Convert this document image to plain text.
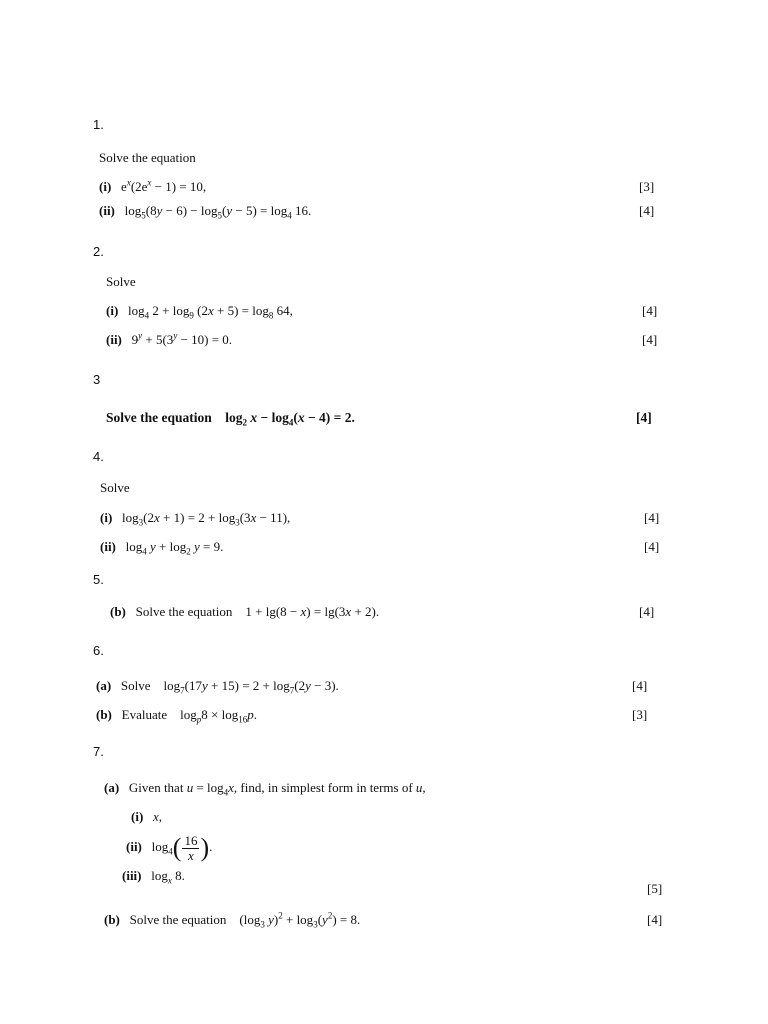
1.
Solve the equation
(i) $e^x(2e^x - 1) = 10$,	[3]
(ii) $\log_5(8y - 6) - \log_5(y - 5) = \log_4 16$.	[4]
2.
Solve
(i) $\log_4 2 + \log_9 (2x + 5) = \log_8 64$,	[4]
(ii) $9^y + 5(3^y - 10) = 0$.	[4]
3
Solve the equation $\log_2 x - \log_4(x - 4) = 2$.	[4]
4.
Solve
(i) $\log_3(2x + 1) = 2 + \log_3(3x - 11)$,	[4]
(ii) $\log_4 y + \log_2 y = 9$.	[4]
5.
(b) Solve the equation 1 + lg(8 − x) = lg(3x + 2).	[4]
6.
(a) Solve $\log_7(17y + 15) = 2 + \log_7(2y - 3)$.	[4]
(b) Evaluate $\log_p8 \times \log_{16}p$.	[3]
7.
(a) Given that $u = \log_4x$, find, in simplest form in terms of u,
(i) x,
(ii) $\log_4( \frac{16}{x}$ ).
(iii) $\log_x 8$.
[5]
(b) Solve the equation ($\log_3$ $y)^2 + \log_3(y^2) = 8$.	[4]
